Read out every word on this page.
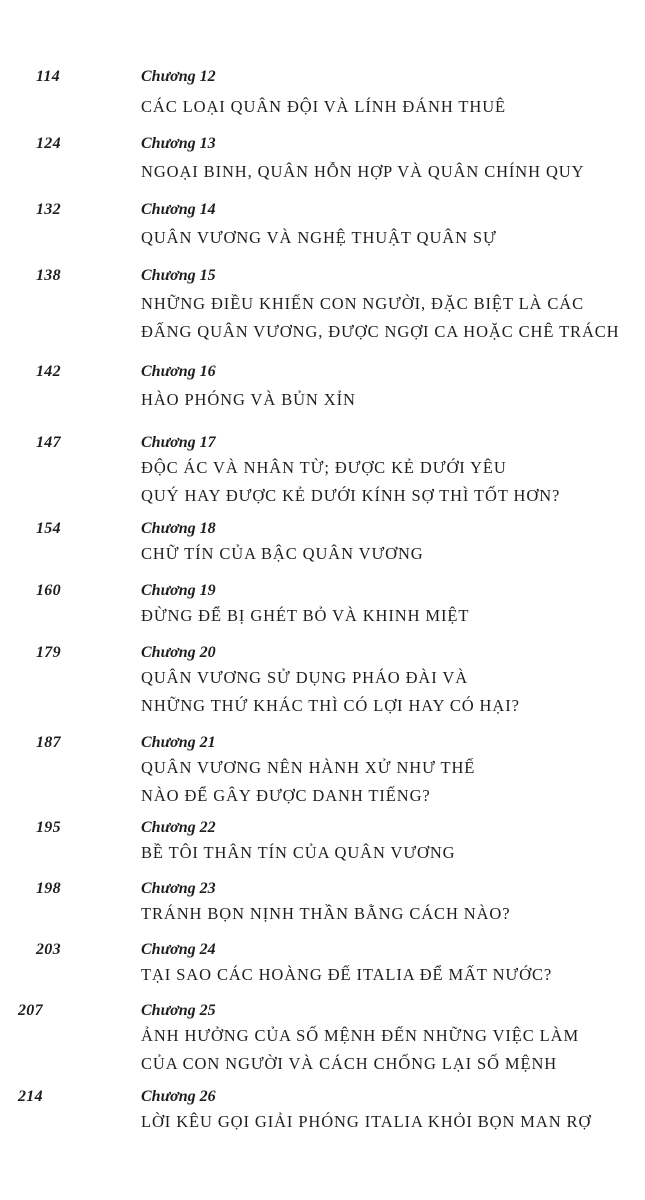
114	Chương 12
CÁC LOẠI QUÂN ĐỘI VÀ LÍNH ĐÁNH THUÊ
124	Chương 13
NGOẠI BINH, QUÂN HỖN HỢP VÀ QUÂN CHÍNH QUY
132	Chương 14
QUÂN VƯƠNG VÀ NGHỆ THUẬT QUÂN SỰ
138	Chương 15
NHỮNG ĐIỀU KHIẾN CON NGƯỜI, ĐẶC BIỆT LÀ CÁC
ĐẤNG QUÂN VƯƠNG, ĐƯỢC NGỢI CA HOẶC CHÊ TRÁCH
142	Chương 16
HÀO PHÓNG VÀ BỦN XỈN
147	Chương 17
ĐỘC ÁC VÀ NHÂN TỪ; ĐƯỢC KẺ DƯỚI YÊU
QUÝ HAY ĐƯỢC KẺ DƯỚI KÍNH SỢ THÌ TỐT HƠN?
154	Chương 18
CHỮ TÍN CỦA BẬC QUÂN VƯƠNG
160	Chương 19
ĐỪNG ĐỂ BỊ GHÉT BỎ VÀ KHINH MIỆT
179	Chương 20
QUÂN VƯƠNG SỬ DỤNG PHÁO ĐÀI VÀ
NHỮNG THỨ KHÁC THÌ CÓ LỢI HAY CÓ HẠI?
187	Chương 21
QUÂN VƯƠNG NÊN HÀNH XỬ NHƯ THẾ
NÀO ĐỂ GÂY ĐƯỢC DANH TIẾNG?
195	Chương 22
BỀ TÔI THÂN TÍN CỦA QUÂN VƯƠNG
198	Chương 23
TRÁNH BỌN NỊNH THẦN BẰNG CÁCH NÀO?
203	Chương 24
TẠI SAO CÁC HOÀNG ĐẾ ITALIA ĐỂ MẤT NƯỚC?
207	Chương 25
ẢNH HƯỞNG CỦA SỐ MỆNH ĐẾN NHỮNG VIỆC LÀM
CỦA CON NGƯỜI VÀ CÁCH CHỐNG LẠI SỐ MỆNH
214	Chương 26
LỜI KÊU GỌI GIẢI PHÓNG ITALIA KHỎI BỌN MAN RỢ
